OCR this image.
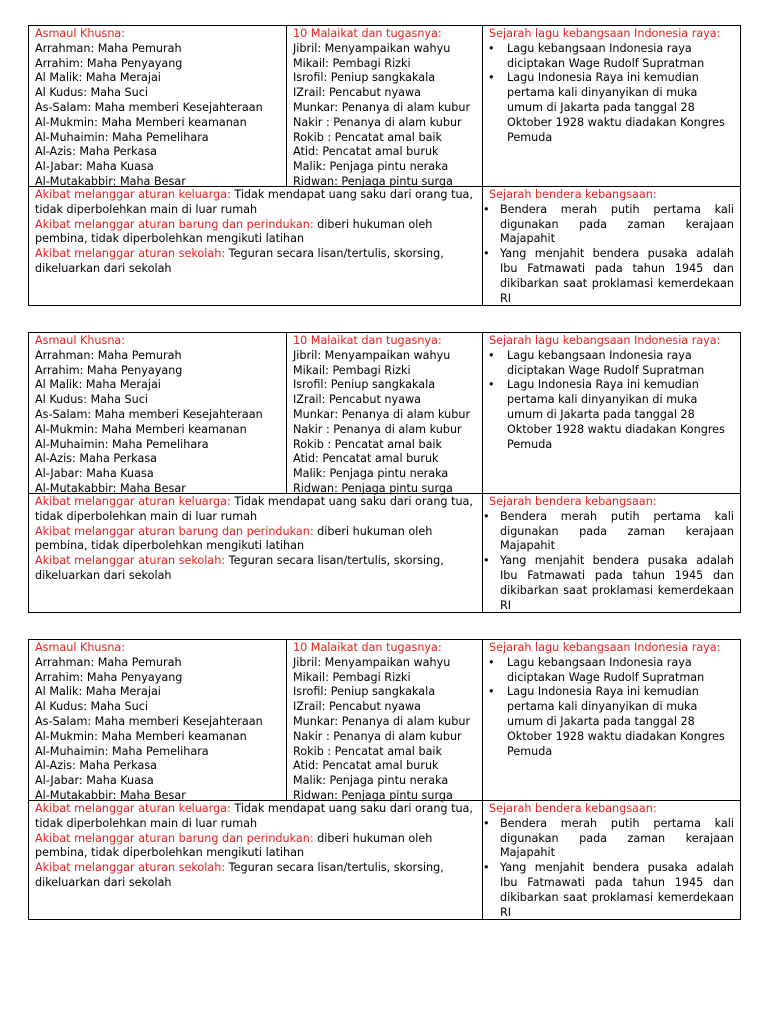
Asmaul Khusna:
Arrahman: Maha Pemurah
Arrahim: Maha Penyayang
Al Malik: Maha Merajai
Al Kudus: Maha Suci
As-Salam: Maha memberi Kesejahteraan
Al-Mukmin: Maha Memberi keamanan
Al-Muhaimin: Maha Pemelihara
Al-Azis: Maha Perkasa
Al-Jabar: Maha Kuasa
Al-Mutakabbir: Maha Besar
10 Malaikat dan tugasnya:
Jibril: Menyampaikan wahyu
Mikail: Pembagi Rizki
Isrofil: Peniup sangkakala
IZrail: Pencabut nyawa
Munkar: Penanya di alam kubur
Nakir : Penanya di alam kubur
Rokib : Pencatat amal baik
Atid: Pencatat amal buruk
Malik: Penjaga pintu neraka
Ridwan: Penjaga pintu surga
Sejarah lagu kebangsaan Indonesia raya:
• Lagu kebangsaan Indonesia raya diciptakan Wage Rudolf Supratman
• Lagu Indonesia Raya ini kemudian pertama kali dinyanyikan di muka umum di Jakarta pada tanggal 28 Oktober 1928 waktu diadakan Kongres Pemuda
Akibat melanggar aturan keluarga: Tidak mendapat uang saku dari orang tua, tidak diperbolehkan main di luar rumah
Akibat melanggar aturan barung dan perindukan: diberi hukuman oleh pembina, tidak diperbolehkan mengikuti latihan
Akibat melanggar aturan sekolah: Teguran secara lisan/tertulis, skorsing, dikeluarkan dari sekolah
Sejarah bendera kebangsaan:
• Bendera merah putih pertama kali digunakan pada zaman kerajaan Majapahit
• Yang menjahit bendera pusaka adalah Ibu Fatmawati pada tahun 1945 dan dikibarkan saat proklamasi kemerdekaan RI
Asmaul Khusna:
Arrahman: Maha Pemurah
Arrahim: Maha Penyayang
Al Malik: Maha Merajai
Al Kudus: Maha Suci
As-Salam: Maha memberi Kesejahteraan
Al-Mukmin: Maha Memberi keamanan
Al-Muhaimin: Maha Pemelihara
Al-Azis: Maha Perkasa
Al-Jabar: Maha Kuasa
Al-Mutakabbir: Maha Besar
10 Malaikat dan tugasnya:
Jibril: Menyampaikan wahyu
Mikail: Pembagi Rizki
Isrofil: Peniup sangkakala
IZrail: Pencabut nyawa
Munkar: Penanya di alam kubur
Nakir : Penanya di alam kubur
Rokib : Pencatat amal baik
Atid: Pencatat amal buruk
Malik: Penjaga pintu neraka
Ridwan: Penjaga pintu surga
Sejarah lagu kebangsaan Indonesia raya:
• Lagu kebangsaan Indonesia raya diciptakan Wage Rudolf Supratman
• Lagu Indonesia Raya ini kemudian pertama kali dinyanyikan di muka umum di Jakarta pada tanggal 28 Oktober 1928 waktu diadakan Kongres Pemuda
Akibat melanggar aturan keluarga: Tidak mendapat uang saku dari orang tua, tidak diperbolehkan main di luar rumah
Akibat melanggar aturan barung dan perindukan: diberi hukuman oleh pembina, tidak diperbolehkan mengikuti latihan
Akibat melanggar aturan sekolah: Teguran secara lisan/tertulis, skorsing, dikeluarkan dari sekolah
Sejarah bendera kebangsaan:
• Bendera merah putih pertama kali digunakan pada zaman kerajaan Majapahit
• Yang menjahit bendera pusaka adalah Ibu Fatmawati pada tahun 1945 dan dikibarkan saat proklamasi kemerdekaan RI
Asmaul Khusna:
Arrahman: Maha Pemurah
Arrahim: Maha Penyayang
Al Malik: Maha Merajai
Al Kudus: Maha Suci
As-Salam: Maha memberi Kesejahteraan
Al-Mukmin: Maha Memberi keamanan
Al-Muhaimin: Maha Pemelihara
Al-Azis: Maha Perkasa
Al-Jabar: Maha Kuasa
Al-Mutakabbir: Maha Besar
10 Malaikat dan tugasnya:
Jibril: Menyampaikan wahyu
Mikail: Pembagi Rizki
Isrofil: Peniup sangkakala
IZrail: Pencabut nyawa
Munkar: Penanya di alam kubur
Nakir : Penanya di alam kubur
Rokib : Pencatat amal baik
Atid: Pencatat amal buruk
Malik: Penjaga pintu neraka
Ridwan: Penjaga pintu surga
Sejarah lagu kebangsaan Indonesia raya:
• Lagu kebangsaan Indonesia raya diciptakan Wage Rudolf Supratman
• Lagu Indonesia Raya ini kemudian pertama kali dinyanyikan di muka umum di Jakarta pada tanggal 28 Oktober 1928 waktu diadakan Kongres Pemuda
Akibat melanggar aturan keluarga: Tidak mendapat uang saku dari orang tua, tidak diperbolehkan main di luar rumah
Akibat melanggar aturan barung dan perindukan: diberi hukuman oleh pembina, tidak diperbolehkan mengikuti latihan
Akibat melanggar aturan sekolah: Teguran secara lisan/tertulis, skorsing, dikeluarkan dari sekolah
Sejarah bendera kebangsaan:
• Bendera merah putih pertama kali digunakan pada zaman kerajaan Majapahit
• Yang menjahit bendera pusaka adalah Ibu Fatmawati pada tahun 1945 dan dikibarkan saat proklamasi kemerdekaan RI
